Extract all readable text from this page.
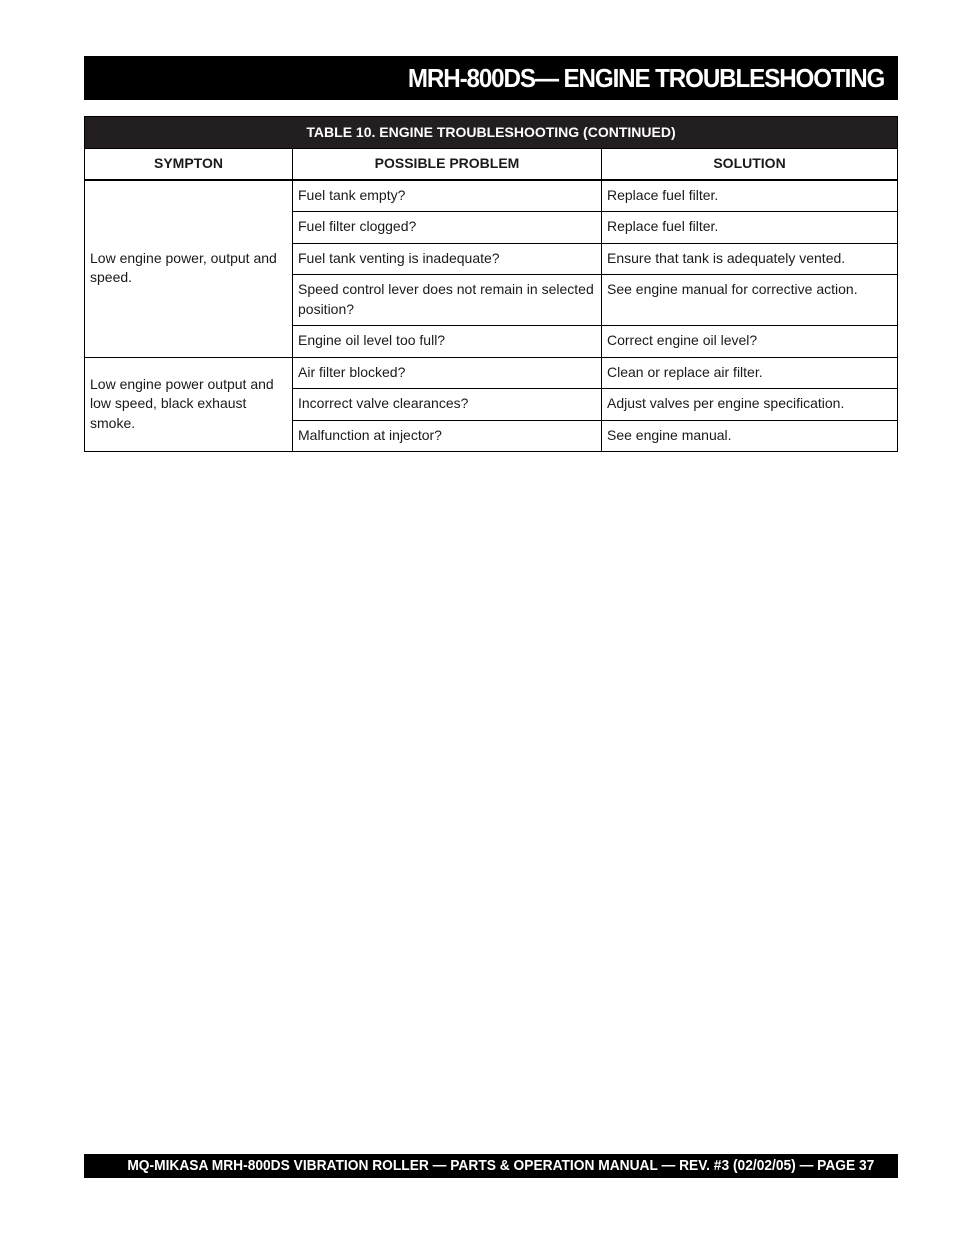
MRH-800DS— ENGINE TROUBLESHOOTING
TABLE 10. ENGINE TROUBLESHOOTING (CONTINUED)		
SYMPTON	POSSIBLE PROBLEM	SOLUTION
Low engine power, output and speed.	Fuel tank empty?	Replace fuel filter.
	Fuel filter clogged?	Replace fuel filter.
	Fuel tank venting is inadequate?	Ensure that tank is adequately vented.
	Speed control lever does not remain in selected position?	See engine manual for corrective action.
	Engine oil level too full?	Correct engine oil level?
Low engine power output and low speed, black exhaust smoke.	Air filter blocked?	Clean or replace air filter.
	Incorrect valve clearances?	Adjust valves per engine specification.
	Malfunction at injector?	See engine manual.
MQ-MIKASA MRH-800DS VIBRATION ROLLER — PARTS & OPERATION MANUAL — REV. #3 (02/02/05) — PAGE 37
